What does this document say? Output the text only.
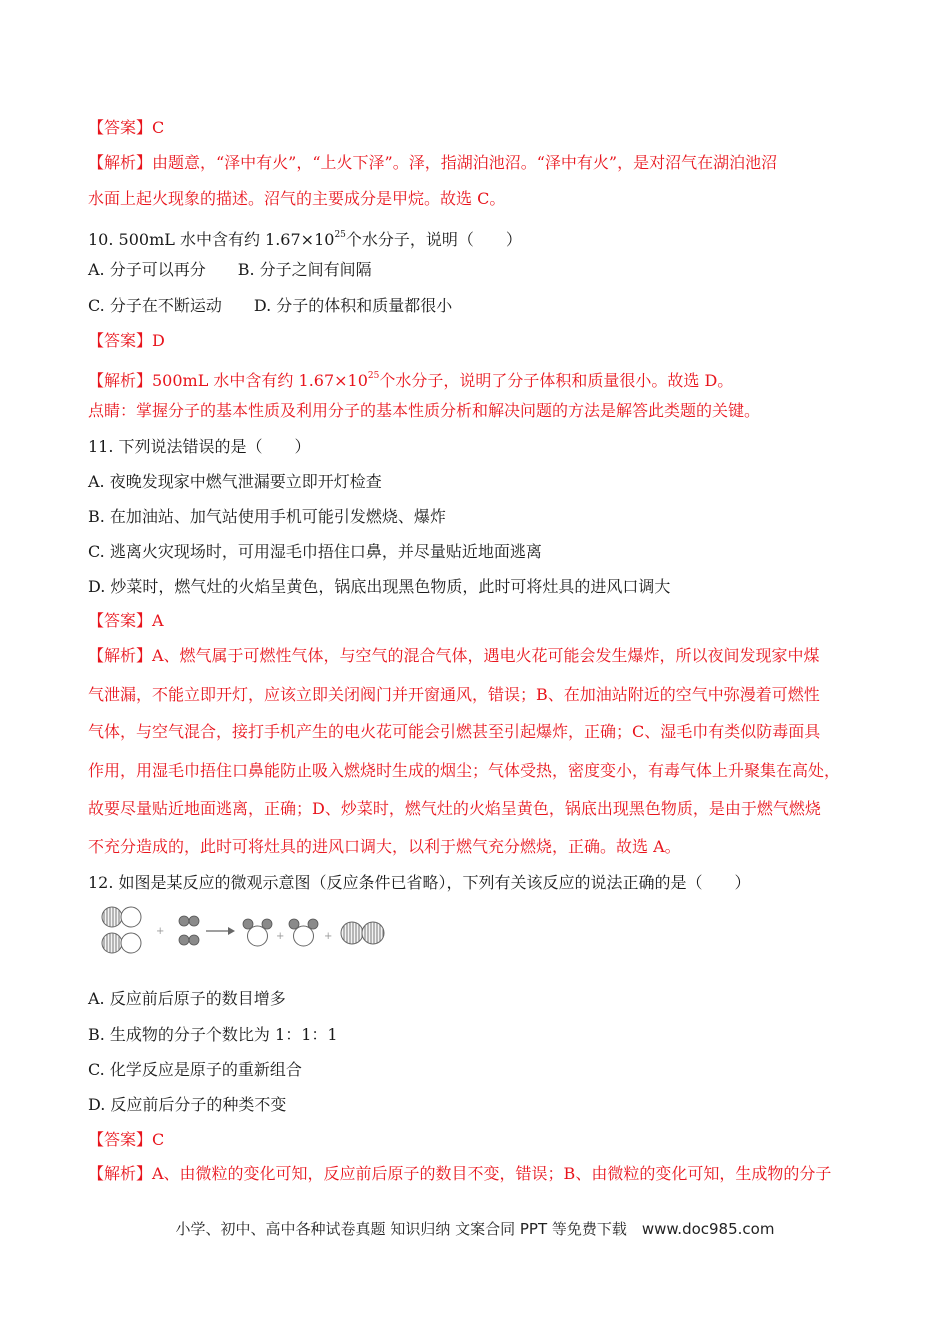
【答案】C
【解析】由题意，“泽中有火”，“上火下泽”。泽，指湖泊池沼。“泽中有火”，是对沼气在湖泊池沼
水面上起火现象的描述。沼气的主要成分是甲烷。故选 C。
10. 500mL 水中含有约 $1.67\times 10^{25}$个水分子，说明（　　）
A. 分子可以再分　　B. 分子之间有间隔
C. 分子在不断运动　　D. 分子的体积和质量都很小
【答案】D
【解析】500mL 水中含有约 $1.67\times 10^{25}$个水分子，说明了分子体积和质量很小。故选 D。
点睛：掌握分子的基本性质及利用分子的基本性质分析和解决问题的方法是解答此类题的关键。
11. 下列说法错误的是（　　）
A. 夜晚发现家中燃气泄漏要立即开灯检查
B. 在加油站、加气站使用手机可能引发燃烧、爆炸
C. 逃离火灾现场时，可用湿毛巾捂住口鼻，并尽量贴近地面逃离
D. 炒菜时，燃气灶的火焰呈黄色，锅底出现黑色物质，此时可将灶具的进风口调大
【答案】A
【解析】A、燃气属于可燃性气体，与空气的混合气体，遇电火花可能会发生爆炸，所以夜间发现家中煤
气泄漏，不能立即开灯，应该立即关闭阀门并开窗通风，错误；B、在加油站附近的空气中弥漫着可燃性
气体，与空气混合，接打手机产生的电火花可能会引燃甚至引起爆炸，正确；C、湿毛巾有类似防毒面具
作用，用湿毛巾捂住口鼻能防止吸入燃烧时生成的烟尘；气体受热，密度变小，有毒气体上升聚集在高处，
故要尽量贴近地面逃离，正确；D、炒菜时，燃气灶的火焰呈黄色，锅底出现黑色物质，是由于燃气燃烧
不充分造成的，此时可将灶具的进风口调大，以利于燃气充分燃烧，正确。故选 A。
12. 如图是某反应的微观示意图（反应条件已省略），下列有关该反应的说法正确的是（　　）
+	+	+
A. 反应前后原子的数目增多
B. 生成物的分子个数比为 1：1：1
C. 化学反应是原子的重新组合
D. 反应前后分子的种类不变
【答案】C
【解析】A、由微粒的变化可知，反应前后原子的数目不变，错误；B、由微粒的变化可知，生成物的分子
小学、初中、高中各种试卷真题 知识归纳 文案合同 PPT 等免费下载　www.doc985.com
